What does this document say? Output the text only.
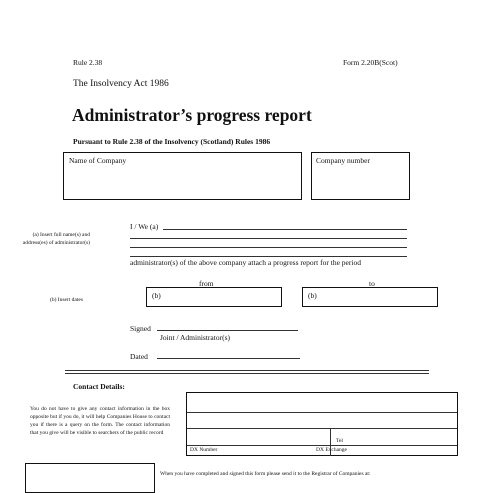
Rule 2.38	Form 2.20B(Scot)
The Insolvency Act 1986
Administrator’s progress report
Pursuant to Rule 2.38 of the Insolvency (Scotland) Rules 1986
Name of Company	Company number
(a) Insert full name(s) and address(es) of administrator(s)
(b) Insert dates
I / We (a)
administrator(s) of the above company attach a progress report for the period
from	to
(b)	(b)
Signed
Joint / Administrator(s)
Dated
Contact Details:
You do not have to give any contact information in the box opposite but if you do, it will help Companies House to contact you if there is a query on the form. The contact information that you give will be visible to searchers of the public record
Tel
DX Number	DX Exchange
When you have completed and signed this form please send it to the Registrar of Companies at:
